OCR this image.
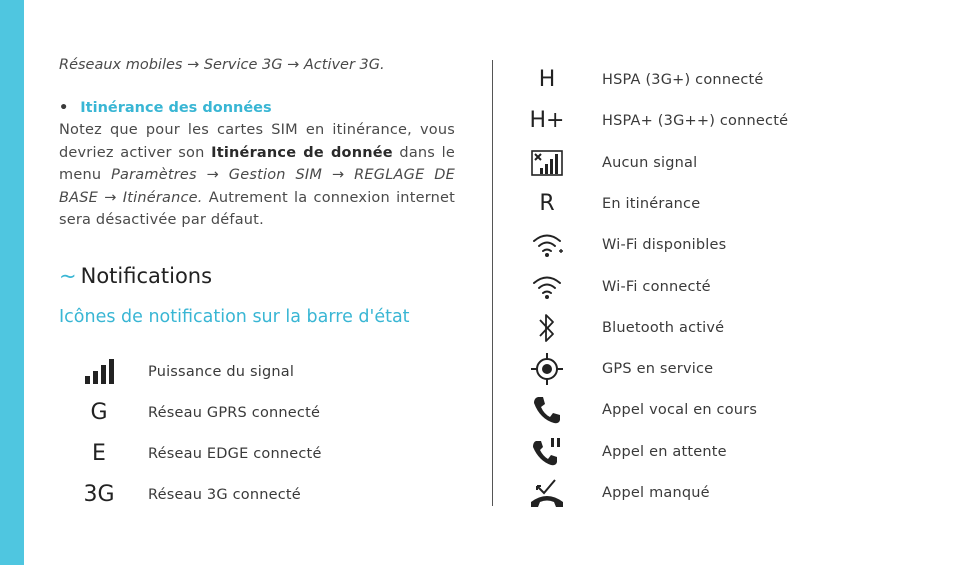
Réseaux mobiles → Service 3G → Activer 3G.
• Itinérance des données
Notez que pour les cartes SIM en itinérance, vous devriez activer son Itinérance de donnée dans le menu Paramètres → Gestion SIM → REGLAGE DE BASE → Itinérance. Autrement la connexion internet sera désactivée par défaut.
~ Notifications
Icônes de notification sur la barre d'état
Puissance du signal
G	Réseau GPRS connecté
E	Réseau EDGE connecté
3G Réseau 3G connecté
H	HSPA (3G+) connecté
H+	HSPA+ (3G++) connecté
Aucun signal
R	En itinérance
Wi-Fi disponibles
Wi-Fi connecté
Bluetooth activé
GPS en service
Appel vocal en cours
Appel en attente
Appel manqué
